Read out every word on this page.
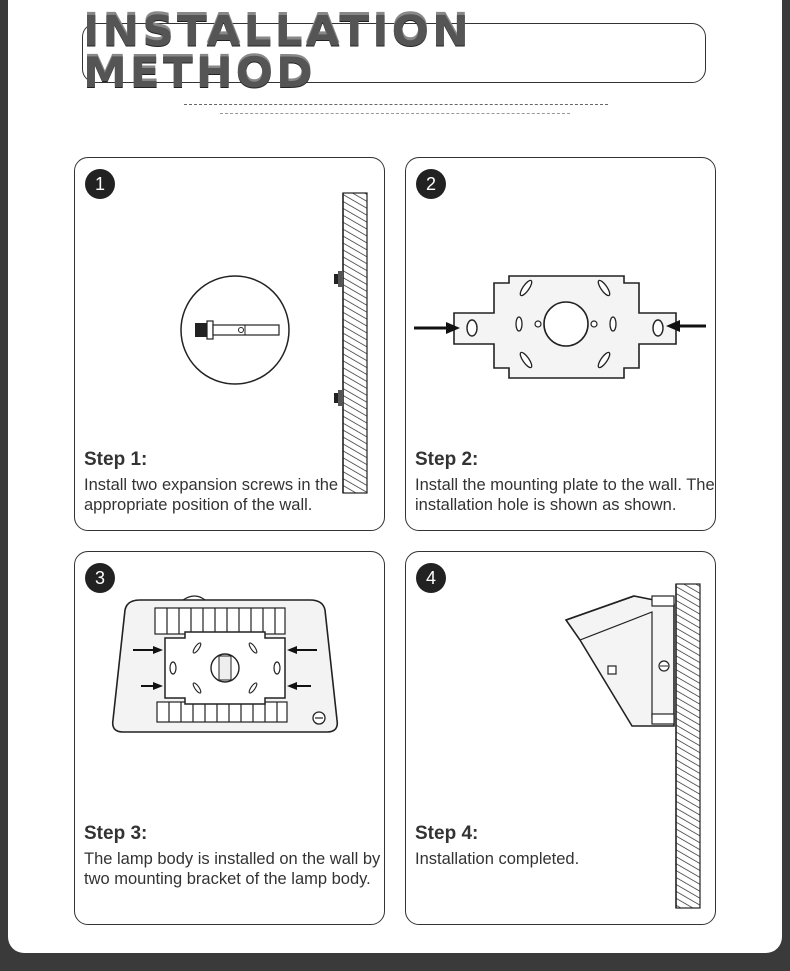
INSTALLATION METHOD
1
Step 1:
Install two expansion screws in the appropriate position of the wall.
2
Step 2:
Install the mounting plate to the wall. The installation hole is shown as shown.
3
Step 3:
The lamp body is installed on the wall by two mounting bracket of the lamp body.
4
Step 4:
Installation completed.
